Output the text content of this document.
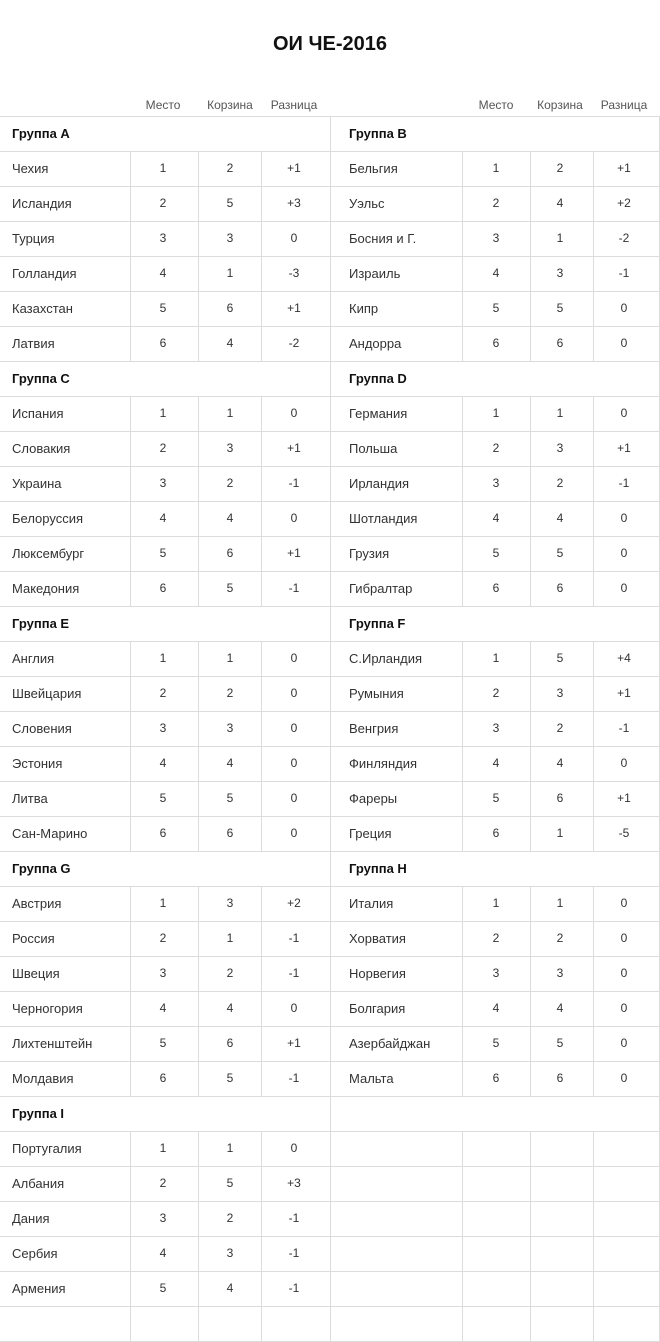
ОИ ЧЕ-2016
Место	Корзина	Разница	Место	Корзина	Разница
Группа A
Чехия	1	2	+1
Исландия	2	5	+3
Турция	3	3	0
Голландия	4	1	-3
Казахстан	5	6	+1
Латвия	6	4	-2
Группа B
Бельгия	1	2	+1
Уэльс	2	4	+2
Босния и Г.	3	1	-2
Израиль	4	3	-1
Кипр	5	5	0
Андорра	6	6	0
Группа C
Испания	1	1	0
Словакия	2	3	+1
Украина	3	2	-1
Белоруссия	4	4	0
Люксембург	5	6	+1
Македония	6	5	-1
Группа D
Германия	1	1	0
Польша	2	3	+1
Ирландия	3	2	-1
Шотландия	4	4	0
Грузия	5	5	0
Гибралтар	6	6	0
Группа E
Англия	1	1	0
Швейцария	2	2	0
Словения	3	3	0
Эстония	4	4	0
Литва	5	5	0
Сан-Марино	6	6	0
Группа F
С.Ирландия	1	5	+4
Румыния	2	3	+1
Венгрия	3	2	-1
Финляндия	4	4	0
Фареры	5	6	+1
Греция	6	1	-5
Группа G
Австрия	1	3	+2
Россия	2	1	-1
Швеция	3	2	-1
Черногория	4	4	0
Лихтенштейн	5	6	+1
Молдавия	6	5	-1
Группа H
Италия	1	1	0
Хорватия	2	2	0
Норвегия	3	3	0
Болгария	4	4	0
Азербайджан	5	5	0
Мальта	6	6	0
Группа I
Португалия	1	1	0
Албания	2	5	+3
Дания	3	2	-1
Сербия	4	3	-1
Армения	5	4	-1
